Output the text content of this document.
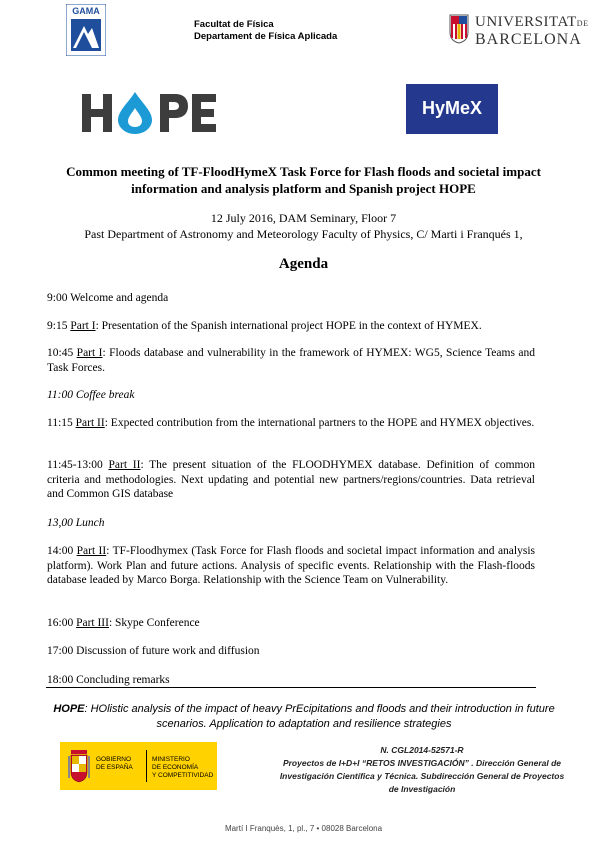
GAMA
Facultat de Física
Departament de Física Aplicada
UNIVERSITATDE
BARCELONA
HyMeX
Common meeting of TF-FloodHymeX Task Force for Flash floods and societal impact information and analysis platform and Spanish project HOPE
12 July 2016, DAM Seminary, Floor 7
Past Department of Astronomy and Meteorology Faculty of Physics, C/ Marti i Franqués 1,
Agenda
9:00 Welcome and agenda
9:15 Part I: Presentation of the Spanish international project HOPE in the context of HYMEX.
10:45 Part I: Floods database and vulnerability in the framework of HYMEX: WG5, Science Teams and Task Forces.
11:00 Coffee break
11:15 Part II: Expected contribution from the international partners to the HOPE and HYMEX objectives.
11:45-13:00 Part II: The present situation of the FLOODHYMEX database. Definition of common criteria and methodologies. Next updating and potential new partners/regions/countries. Data retrieval and Common GIS database
13,00 Lunch
14:00 Part II: TF-Floodhymex (Task Force for Flash floods and societal impact information and analysis platform). Work Plan and future actions. Analysis of specific events. Relationship with the Flash-floods database leaded by Marco Borga. Relationship with the Science Team on Vulnerability.
16:00 Part III: Skype Conference
17:00 Discussion of future work and diffusion
18:00 Concluding remarks
HOPE: HOlistic analysis of the impact of heavy PrEcipitations and floods and their introduction in future scenarios. Application to adaptation and resilience strategies
GOBIERNO
DE ESPAÑA
MINISTERIO
DE ECONOMÍA
Y COMPETITIVIDAD
N. CGL2014-52571-R
Proyectos de I+D+I “RETOS INVESTIGACIÓN” . Dirección General de Investigación Científica y Técnica. Subdirección General de Proyectos de Investigación
Martí I Franquès, 1, pl., 7 • 08028 Barcelona
